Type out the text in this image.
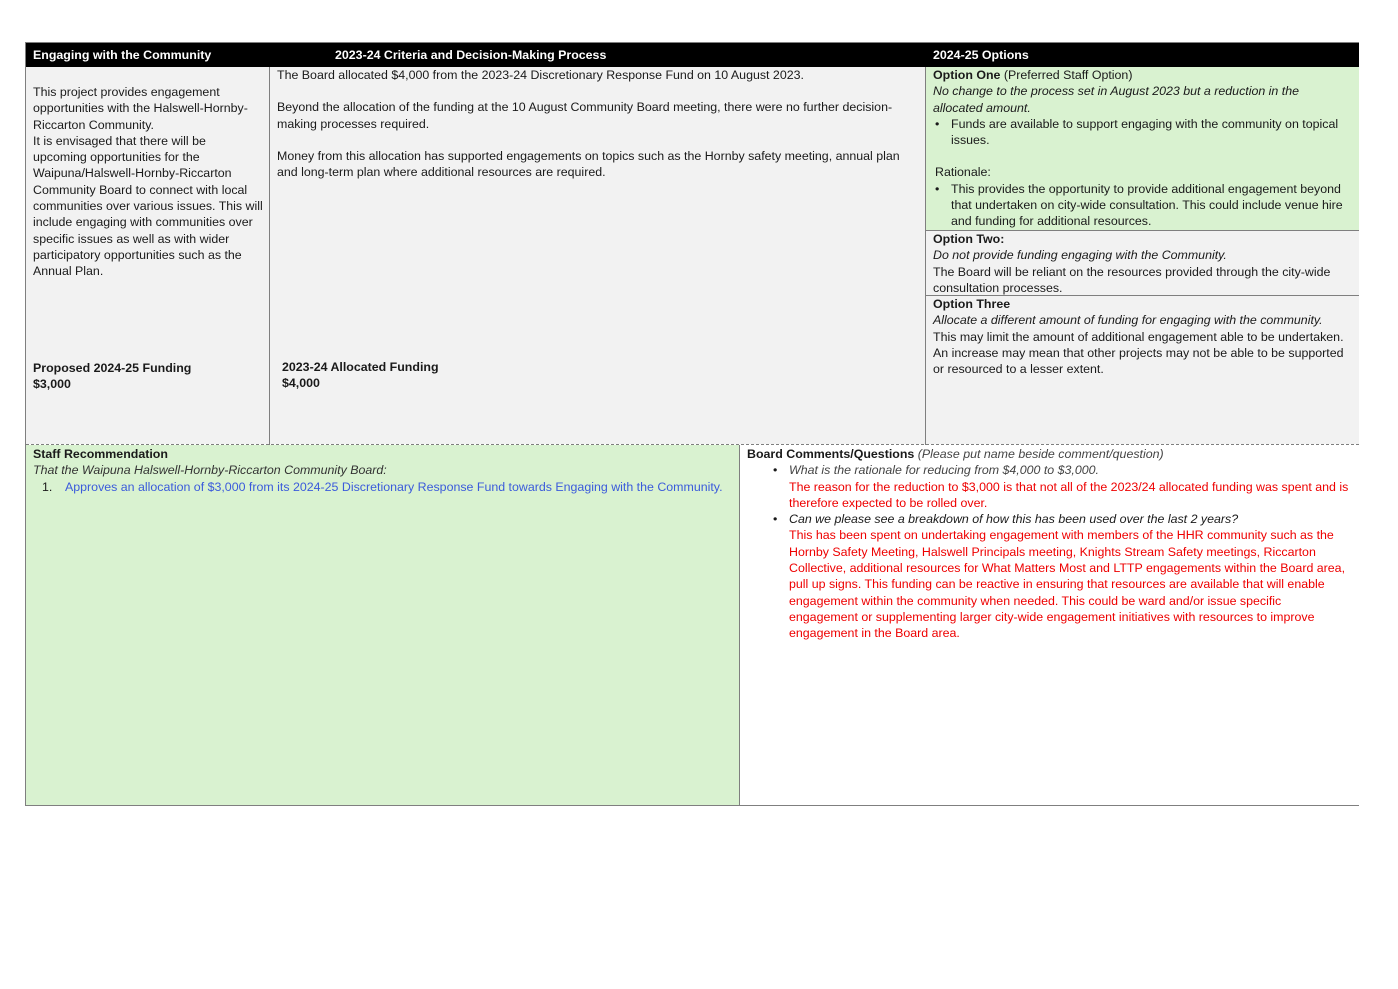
Engaging with the Community	2023-24 Criteria and Decision-Making Process	2024-25 Options

This project provides engagement opportunities with the Halswell-Hornby-Riccarton Community.

It is envisaged that there will be upcoming opportunities for the Waipuna/Halswell-Hornby-Riccarton Community Board to connect with local communities over various issues. This will include engaging with communities over specific issues as well as with wider participatory opportunities such as the Annual Plan.

Proposed 2024-25 Funding

$3,000

The Board allocated $4,000 from the 2023-24 Discretionary Response Fund on 10 August 2023.

Beyond the allocation of the funding at the 10 August Community Board meeting, there were no further decision-making processes required.

Money from this allocation has supported engagements on topics such as the Hornby safety meeting, annual plan and long-term plan where additional resources are required.

2023-24 Allocated Funding

$4,000

Option One (Preferred Staff Option)

No change to the process set in August 2023 but a reduction in the allocated amount.

• Funds are available to support engaging with the community on topical issues.

Rationale:

• This provides the opportunity to provide additional engagement beyond that undertaken on city-wide consultation. This could include venue hire and funding for additional resources.

Option Two:

Do not provide funding engaging with the Community.

The Board will be reliant on the resources provided through the city-wide consultation processes.

Option Three

Allocate a different amount of funding for engaging with the community.

This may limit the amount of additional engagement able to be undertaken. An increase may mean that other projects may not be able to be supported or resourced to a lesser extent.

Staff Recommendation

That the Waipuna Halswell-Hornby-Riccarton Community Board:

1. Approves an allocation of $3,000 from its 2024-25 Discretionary Response Fund towards Engaging with the Community.

Board Comments/Questions (Please put name beside comment/question)

• What is the rationale for reducing from $4,000 to $3,000.
The reason for the reduction to $3,000 is that not all of the 2023/24 allocated funding was spent and is therefore expected to be rolled over.
• Can we please see a breakdown of how this has been used over the last 2 years?
This has been spent on undertaking engagement with members of the HHR community such as the Hornby Safety Meeting, Halswell Principals meeting, Knights Stream Safety meetings, Riccarton Collective, additional resources for What Matters Most and LTTP engagements within the Board area, pull up signs. This funding can be reactive in ensuring that resources are available that will enable engagement within the community when needed. This could be ward and/or issue specific engagement or supplementing larger city-wide engagement initiatives with resources to improve engagement in the Board area.
